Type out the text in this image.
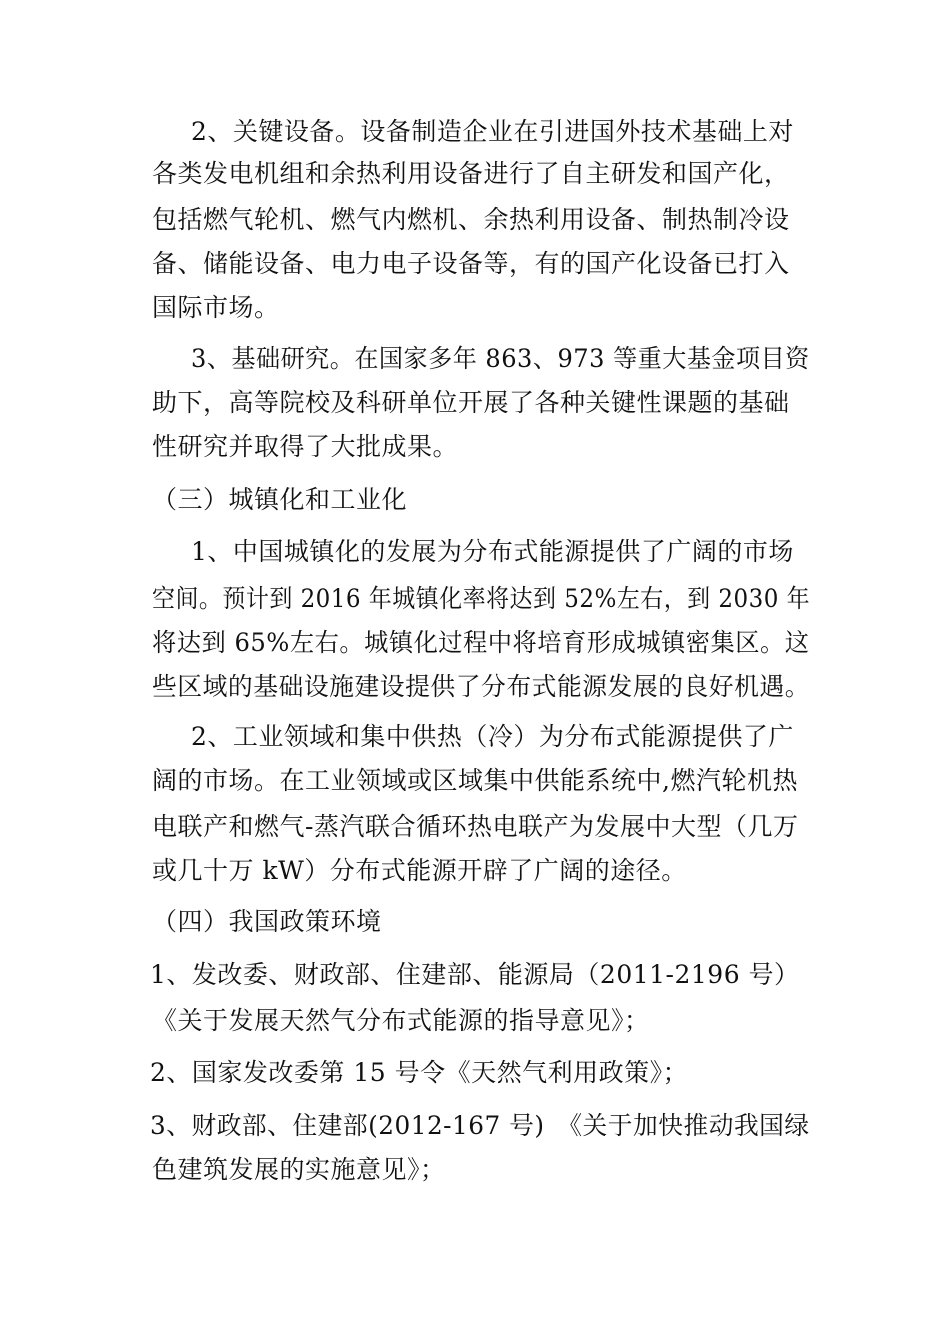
2、关键设备。设备制造企业在引进国外技术基础上对
各类发电机组和余热利用设备进行了自主研发和国产化，
包括燃气轮机、燃气内燃机、余热利用设备、制热制冷设
备、储能设备、电力电子设备等，有的国产化设备已打入
国际市场。
3、基础研究。在国家多年 863、973 等重大基金项目资
助下，高等院校及科研单位开展了各种关键性课题的基础
性研究并取得了大批成果。
（三）城镇化和工业化
1、中国城镇化的发展为分布式能源提供了广阔的市场
空间。预计到 2016 年城镇化率将达到 52%左右，到 2030 年
将达到 65%左右。城镇化过程中将培育形成城镇密集区。这
些区域的基础设施建设提供了分布式能源发展的良好机遇。
2、工业领域和集中供热（冷）为分布式能源提供了广
阔的市场。在工业领域或区域集中供能系统中,燃汽轮机热
电联产和燃气-蒸汽联合循环热电联产为发展中大型（几万
或几十万 kW）分布式能源开辟了广阔的途径。
（四）我国政策环境
1、发改委、财政部、住建部、能源局（2011-2196 号）
《关于发展天然气分布式能源的指导意见》；
2、国家发改委第 15 号令《天然气利用政策》；
3、财政部、住建部(2012-167 号)　《关于加快推动我国绿
色建筑发展的实施意见》；
